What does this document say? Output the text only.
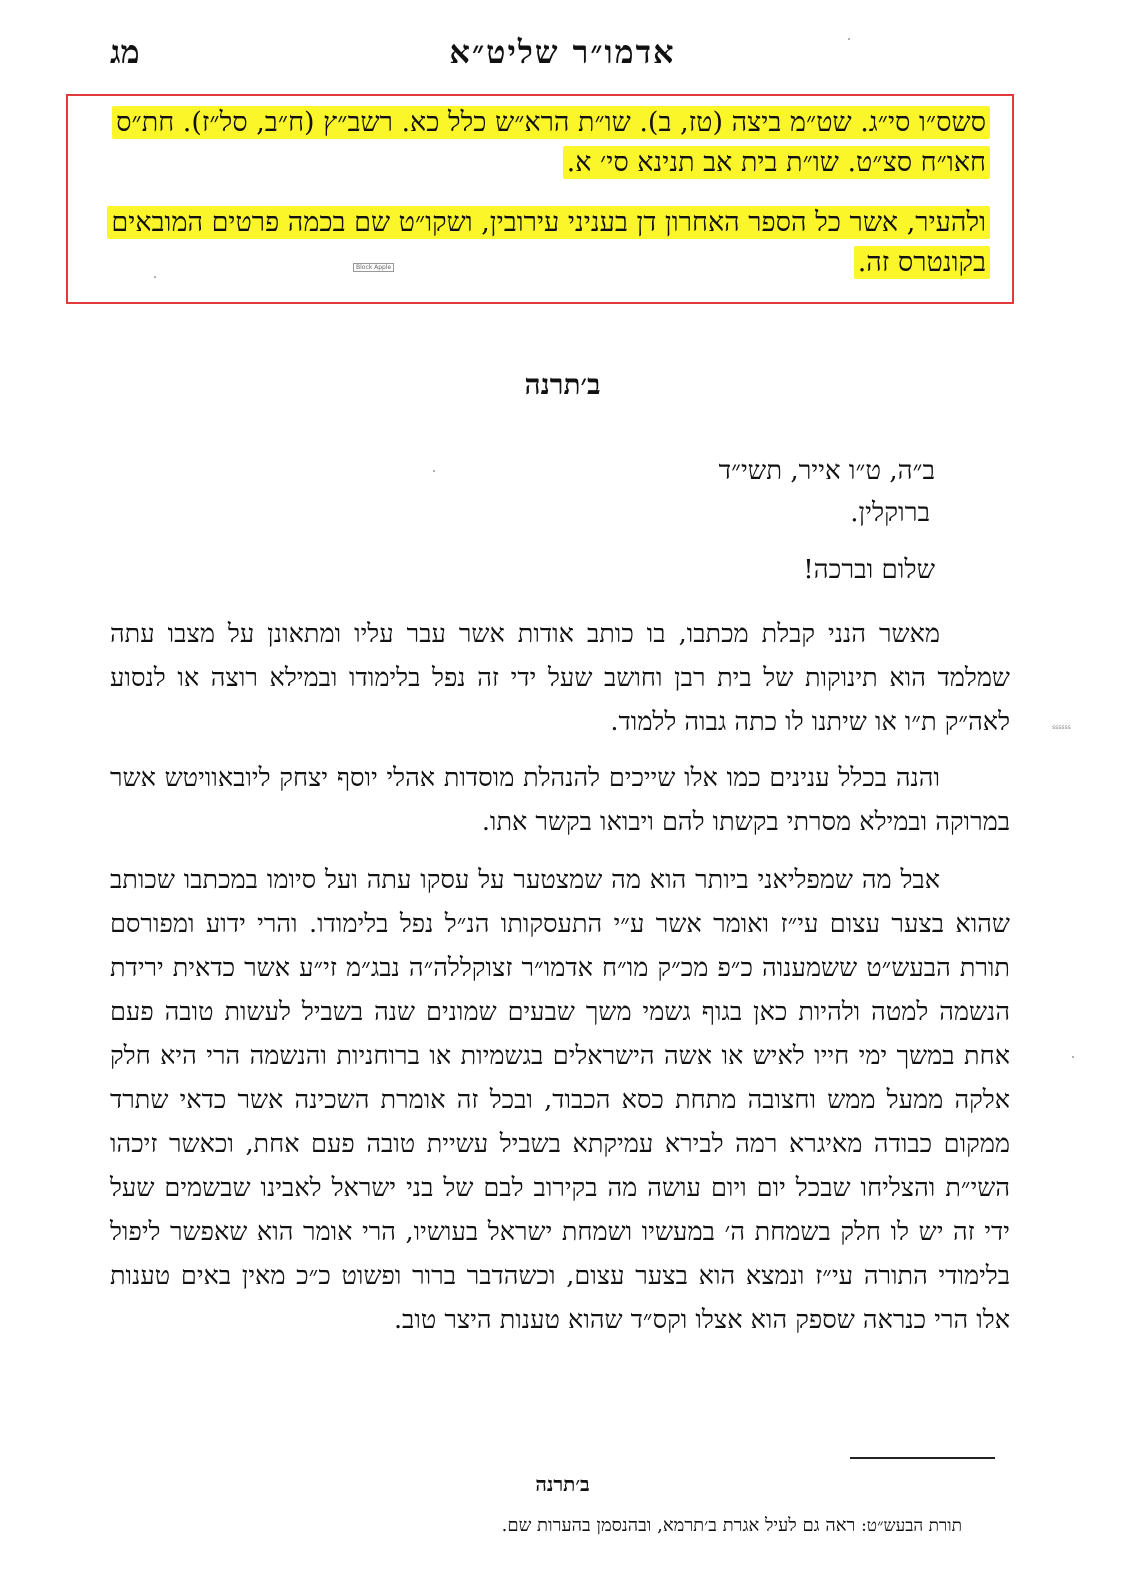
אדמו״ר שליט״א
מג
סשס״ו סי״ג. שט״מ ביצה (טז, ב). שו״ת הרא״ש כלל כא. רשב״ץ (ח״ב, סל״ז). חת״ס חאו״ח סצ״ט. שו״ת בית אב תנינא סי׳ א.
ולהעיר, אשר כל הספר האחרון דן בעניני עירובין, ושקו״ט שם בכמה פרטים המובאים בקונטרס זה.
Block Apple
ssssss
ב׳תרנה
ב״ה, ט״ו אייר, תשי״ד
ברוקלין.
שלום וברכה!
מאשר הנני קבלת מכתבו, בו כותב אודות אשר עבר עליו ומתאונן על מצבו עתה שמלמד הוא תינוקות של בית רבן וחושב שעל ידי זה נפל בלימודו ובמילא רוצה או לנסוע לאה״ק ת״ו או שיתנו לו כתה גבוה ללמוד.
והנה בכלל ענינים כמו אלו שייכים להנהלת מוסדות אהלי יוסף יצחק ליובאוויטש אשר במרוקה ובמילא מסרתי בקשתו להם ויבואו בקשר אתו.
אבל מה שמפליאני ביותר הוא מה שמצטער על עסקו עתה ועל סיומו במכתבו שכותב שהוא בצער עצום עי״ז ואומר אשר ע״י התעסקותו הנ״ל נפל בלימודו. והרי ידוע ומפורסם תורת הבעש״ט ששמענוה כ״פ מכ״ק מו״ח אדמו״ר זצוקללה״ה נבג״מ זי״ע אשר כדאית ירידת הנשמה למטה ולהיות כאן בגוף גשמי משך שבעים שמונים שנה בשביל לעשות טובה פעם אחת במשך ימי חייו לאיש או אשה הישראלים בגשמיות או ברוחניות והנשמה הרי היא חלק אלקה ממעל ממש וחצובה מתחת כסא הכבוד, ובכל זה אומרת השכינה אשר כדאי שתרד ממקום כבודה מאיגרא רמה לבירא עמיקתא בשביל עשיית טובה פעם אחת, וכאשר זיכהו השי״ת והצליחו שבכל יום ויום עושה מה בקירוב לבם של בני ישראל לאבינו שבשמים שעל ידי זה יש לו חלק בשמחת ה׳ במעשיו ושמחת ישראל בעושיו, הרי אומר הוא שאפשר ליפול בלימודי התורה עי״ז ונמצא הוא בצער עצום, וכשהדבר ברור ופשוט כ״כ מאין באים טענות אלו הרי כנראה שספק הוא אצלו וקס״ד שהוא טענות היצר טוב.
ב׳תרנה
תורת הבעש״ט: ראה גם לעיל אגרת ב׳תרמא, ובהנסמן בהערות שם.
